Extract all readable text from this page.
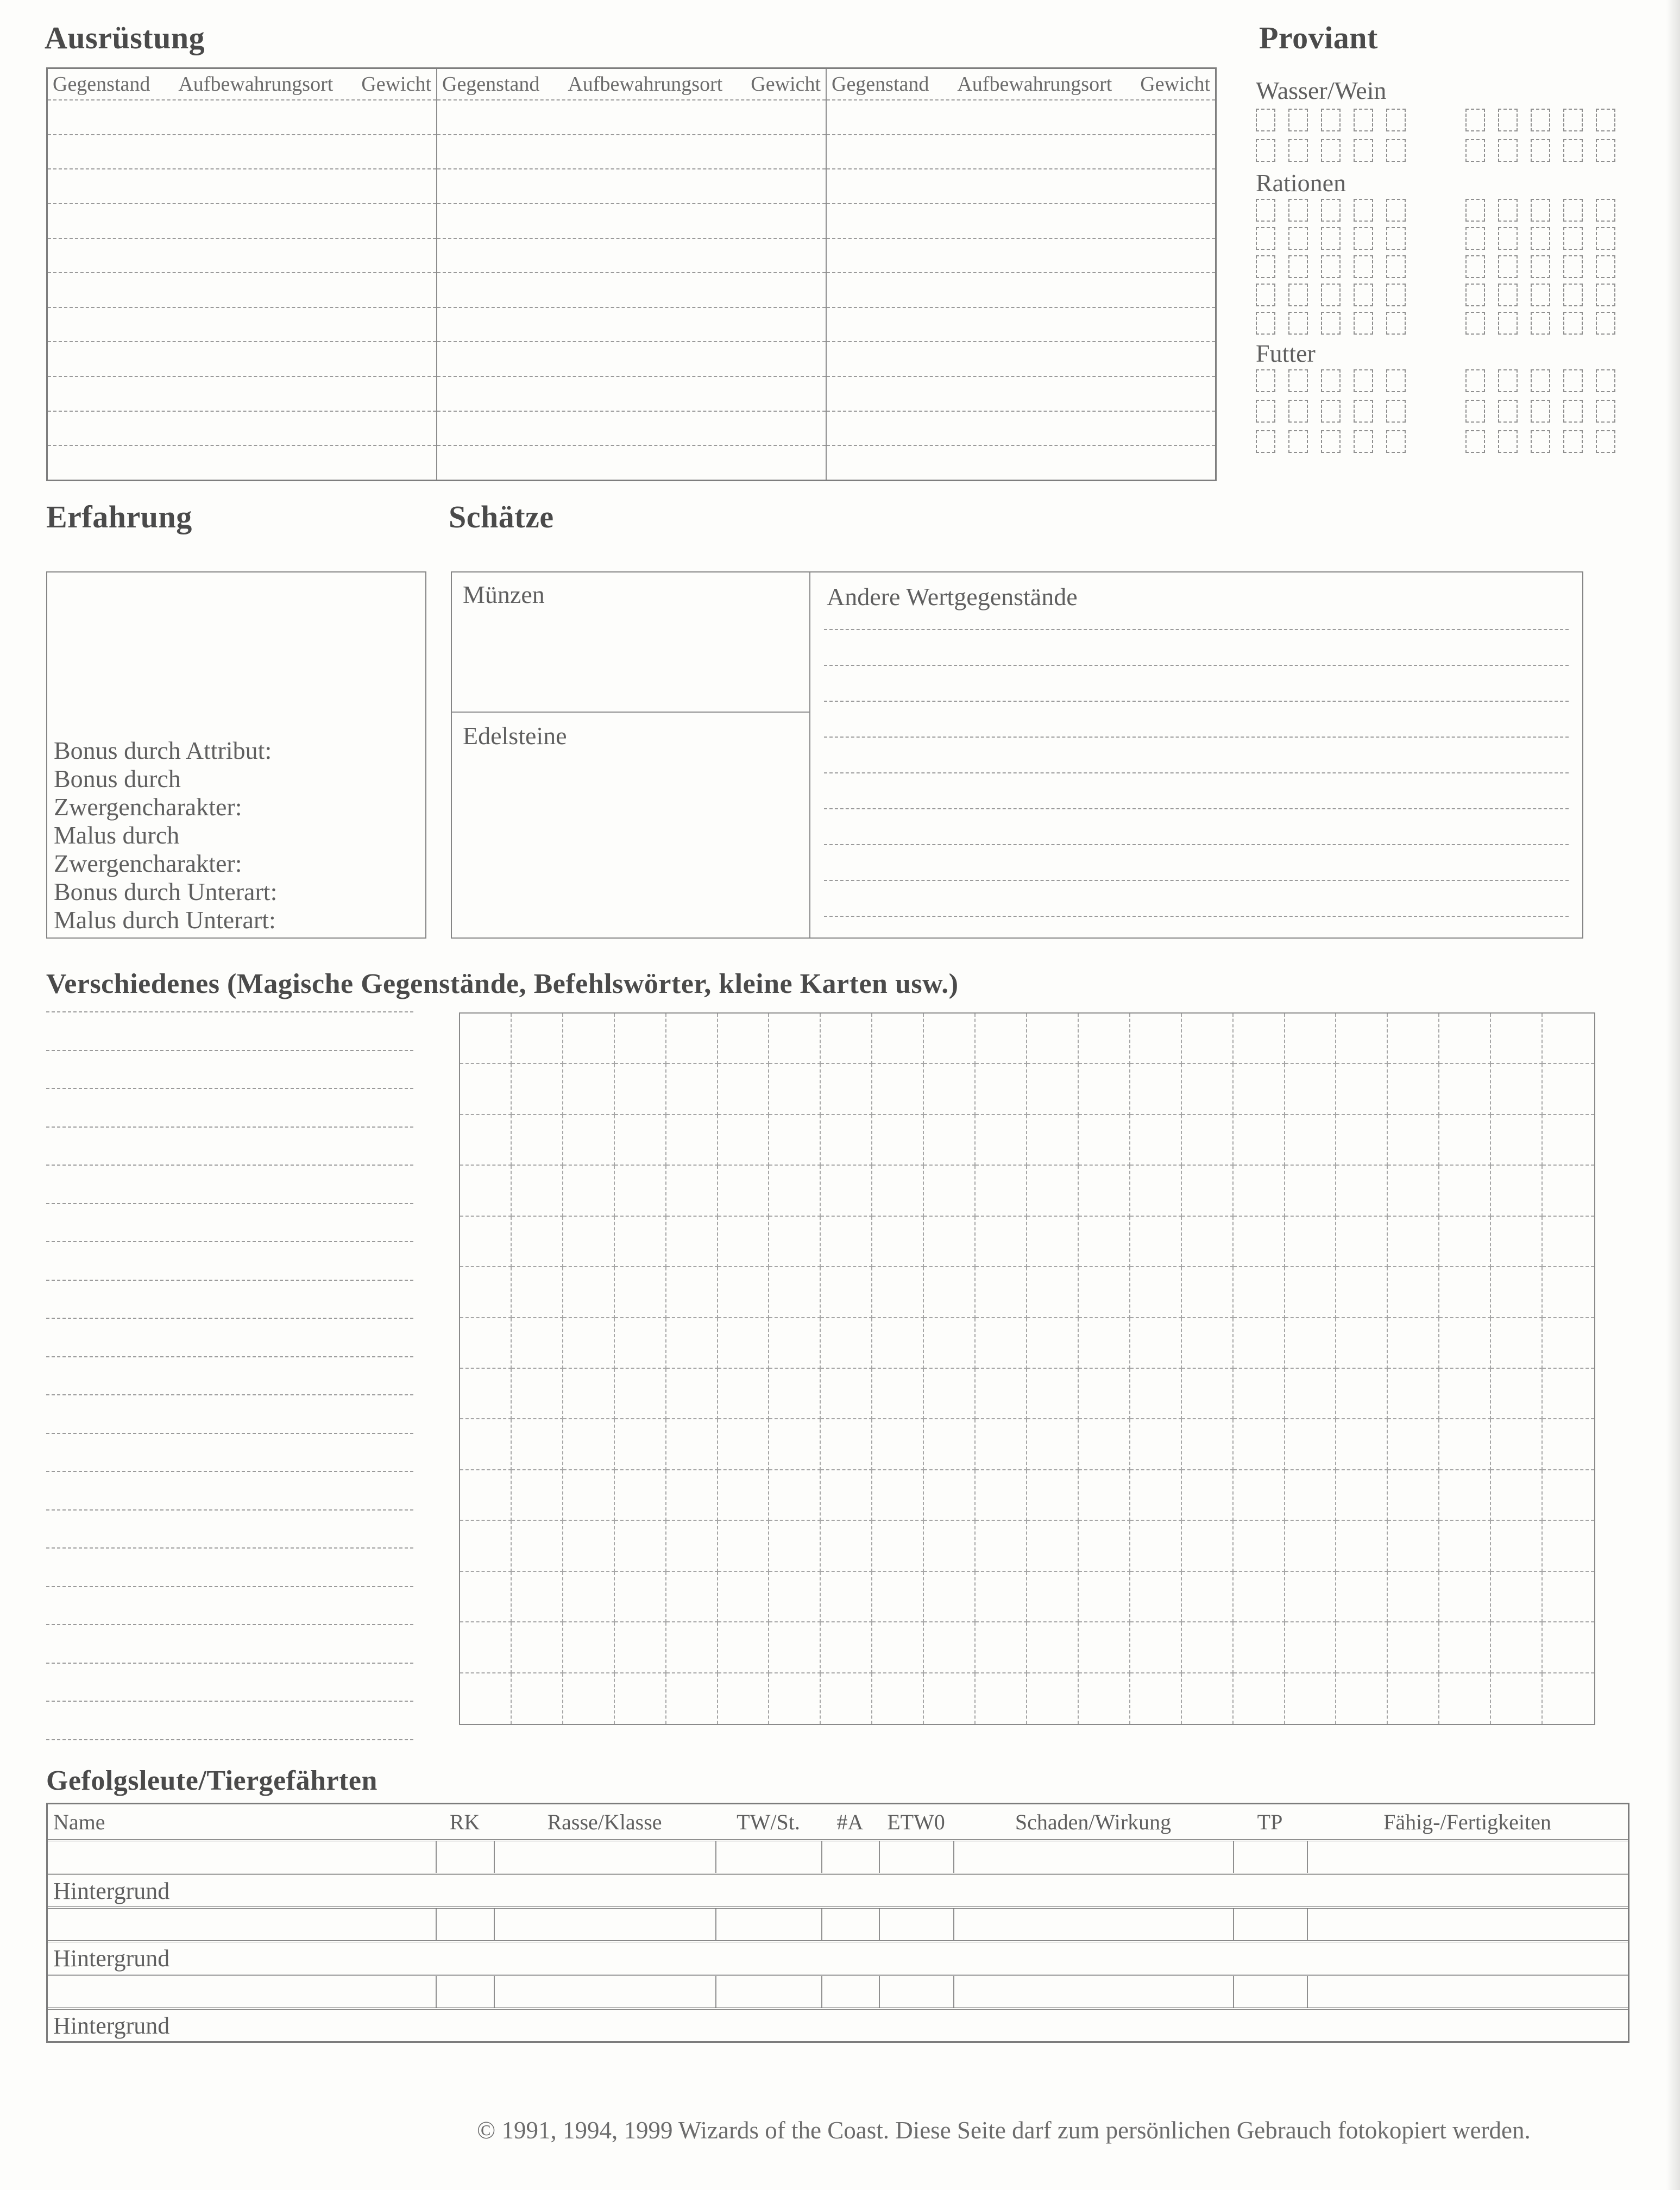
Ausrüstung
Gegenstand Aufbewahrungsort Gewicht Gegenstand Aufbewahrungsort Gewicht Gegenstand Aufbewahrungsort Gewicht
Proviant
Wasser/Wein
Rationen
Futter
Erfahrung
Bonus durch Attribut:
Bonus durch
Zwergencharakter:
Malus durch
Zwergencharakter:
Bonus durch Unterart:
Malus durch Unterart:
Schätze
Münzen
Edelsteine
Andere Wertgegenstände
Verschiedenes (Magische Gegenstände, Befehlswörter, kleine Karten usw.)
Gefolgsleute/Tiergefährten
Name	RK	Rasse/Klasse	TW/St.	#A	ETW0	Schaden/Wirkung	TP	Fähig-/Fertigkeiten
Hintergrund
Hintergrund
Hintergrund
© 1991, 1994, 1999 Wizards of the Coast. Diese Seite darf zum persönlichen Gebrauch fotokopiert werden.
